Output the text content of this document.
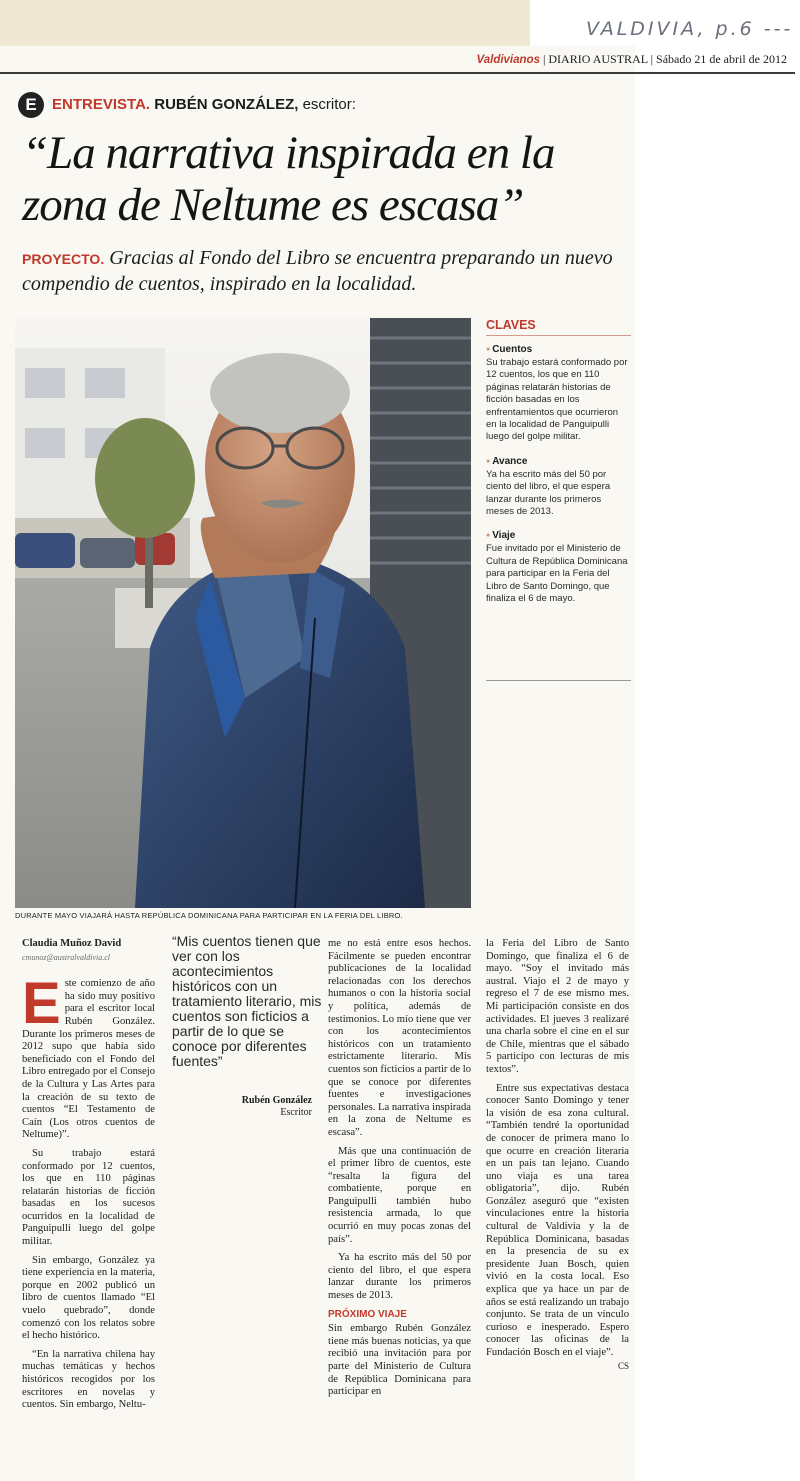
VALDIVIA, p.6 ---
Valdivianos | DIARIO AUSTRAL | Sábado 21 de abril de 2012
E	ENTREVISTA. RUBÉN GONZÁLEZ, escritor:
“La narrativa inspirada en la zona de Neltume es escasa”
PROYECTO. Gracias al Fondo del Libro se encuentra preparando un nuevo compendio de cuentos, inspirado en la localidad.
DURANTE MAYO VIAJARÁ HASTA REPÚBLICA DOMINICANA PARA PARTICIPAR EN LA FERIA DEL LIBRO.
CLAVES
● Cuentos
Su trabajo estará conformado por 12 cuentos, los que en 110 páginas relatarán historias de ficción basadas en los enfrentamientos que ocurrieron en la localidad de Panguipulli luego del golpe militar.
● Avance
Ya ha escrito más del 50 por ciento del libro, el que espera lanzar durante los primeros meses de 2013.
● Viaje
Fue invitado por el Ministerio de Cultura de República Dominicana para participar en la Feria del Libro de Santo Domingo, que finaliza el 6 de mayo.
Claudia Muñoz David
cmunoz@australvaldivia.cl

Este comienzo de año ha sido muy positivo para el escritor local Rubén González. Durante los primeros meses de 2012 supo que había sido beneficiado con el Fondo del Libro entregado por el Consejo de la Cultura y Las Artes para la creación de su texto de cuentos “El Testamento de Caín (Los otros cuentos de Neltume)”.

Su trabajo estará conformado por 12 cuentos, los que en 110 páginas relatarán historias de ficción basadas en los sucesos ocurridos en la localidad de Panguipulli luego del golpe militar.

Sin embargo, González ya tiene experiencia en la materia, porque en 2002 publicó un libro de cuentos llamado “El vuelo quebrado”, donde comenzó con los relatos sobre el hecho histórico.

“En la narrativa chilena hay muchas temáticas y hechos históricos recogidos por los escritores en novelas y cuentos. Sin embargo, Neltu-

“Mis cuentos tienen que ver con los acontecimientos históricos con un tratamiento literario, mis cuentos son ficticios a partir de lo que se conoce por diferentes fuentes”
Rubén González
Escritor

me no está entre esos hechos. Fácilmente se pueden encontrar publicaciones de la localidad relacionadas con los derechos humanos o con la historia social y política, además de testimonios. Lo mío tiene que ver con los acontecimientos históricos con un tratamiento estrictamente literario. Mis cuentos son ficticios a partir de lo que se conoce por diferentes fuentes e investigaciones personales. La narrativa inspirada en la zona de Neltume es escasa”.

Más que una continuación de el primer libro de cuentos, este “resalta la figura del combatiente, porque en Panguipulli también hubo resistencia armada, lo que ocurrió en muy pocas zonas del país”.

Ya ha escrito más del 50 por ciento del libro, el que espera lanzar durante los primeros meses de 2013.

PRÓXIMO VIAJE

Sin embargo Rubén González tiene más buenas noticias, ya que recibió una invitación para por parte del Ministerio de Cultura de República Dominicana para participar en

la Feria del Libro de Santo Domingo, que finaliza el 6 de mayo. “Soy el invitado más austral. Viajo el 2 de mayo y regreso el 7 de ese mismo mes. Mi participación consiste en dos actividades. El jueves 3 realizaré una charla sobre el cine en el sur de Chile, mientras que el sábado 5 participo con lecturas de mis textos”.

Entre sus expectativas destaca conocer Santo Domingo y tener la visión de esa zona cultural. “También tendré la oportunidad de conocer de primera mano lo que ocurre en creación literaria en un país tan lejano. Cuando uno viaja es una tarea obligatoria”, dijo. Rubén González aseguró que “existen vinculaciones entre la historia cultural de Valdivia y la de República Dominicana, basadas en la presencia de su ex presidente Juan Bosch, quien vivió en la costa local. Eso explica que ya hace un par de años se está realizando un trabajo conjunto. Se trata de un vínculo curioso e inesperado. Espero conocer las oficinas de la Fundación Bosch en el viaje”.
CS
